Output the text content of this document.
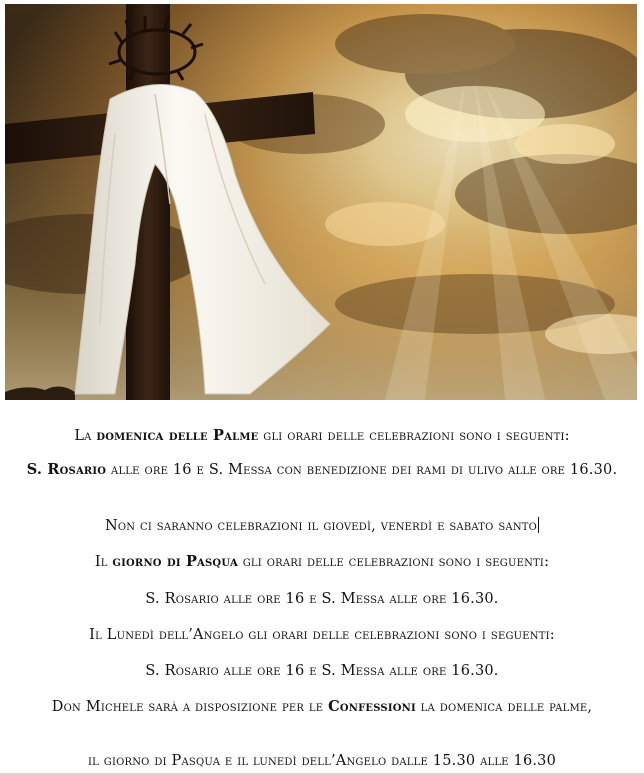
La domenica delle Palme gli orari delle celebrazioni sono i seguenti:

S. Rosario alle ore 16 e S. Messa con benedizione dei rami di ulivo alle ore 16.30.

Non ci saranno celebrazioni il giovedì, venerdì e sabato santo

Il giorno di Pasqua gli orari delle celebrazioni sono i seguenti:

S. Rosario alle ore 16 e S. Messa alle ore 16.30.

Il Lunedì dell’Angelo gli orari delle celebrazioni sono i seguenti:

S. Rosario alle ore 16 e S. Messa alle ore 16.30.

Don Michele sarà a disposizione per le Confessioni la domenica delle palme,

il giorno di Pasqua e il lunedì dell’Angelo dalle 15.30 alle 16.30
